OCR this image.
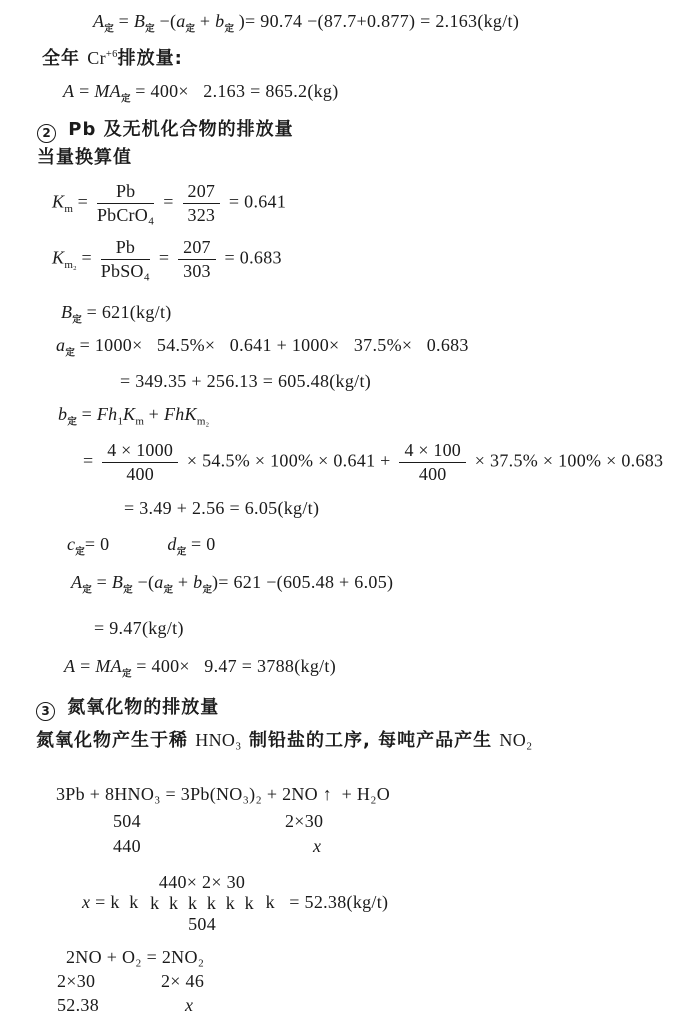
$A_定 = B_定 -(a_定 + b_定$ )= 90.74 −(87.7+0.877) = 2.163(kg/t)
全年 $Cr^{+6}$排放量:
$A = MA_定 = 400\times 2.163 = 865.2(kg)$
2 Pb 及无机化合物的排放量
当量换算值
$K_m = \frac{Pb}{\text{PbCrO₄}} = \frac{207}{323} = 0.641$
$K_{m_2} = \frac{Pb}{\text{PbSO₄}} = \frac{207}{303} = 0.683$
$B_定 = 621(kg/t)$
$a_定 = 1000\times 54.5\%\times 0.641 + 1000\times 37.5\%\times 0.683$
= 349.35 + 256.13 = 605.48(kg/t)
$b_定 = Fh_1K_m + FhK_{m_2}$
= $\frac{4 \times 1000}{400} \times 54.5\% \times 100\% \times 0.641 + \frac{4 \times 100}{400} \times 37.5\% \times 100\% \times 0.683$
= 3.49 + 2.56 = 6.05(kg/t)
$c_定= 0$	$d_定 = 0$
$A_定 = B_定 -(a_定 + b_定)= 621 -(605.48 + 6.05)$
= 9.47(kg/t)
$A = MA_定 = 400\times 9.47 = 3788(kg/t)$
3 氮氧化物的排放量
氮氧化物产生于稀 HNO₃ 制铅盐的工序, 每吨产品产生 NO₂
3Pb + 8HNO₃ = 3Pb(NO₃)₂ + 2NO ↑  + H₂O
504	2×30
440	x
x = k  k
440× 2× 30
k  k  k  k  k  k
504
k   = 52.38(kg/t)
2NO + O₂ = 2NO₂
2×30	2× 46
52.38	x
